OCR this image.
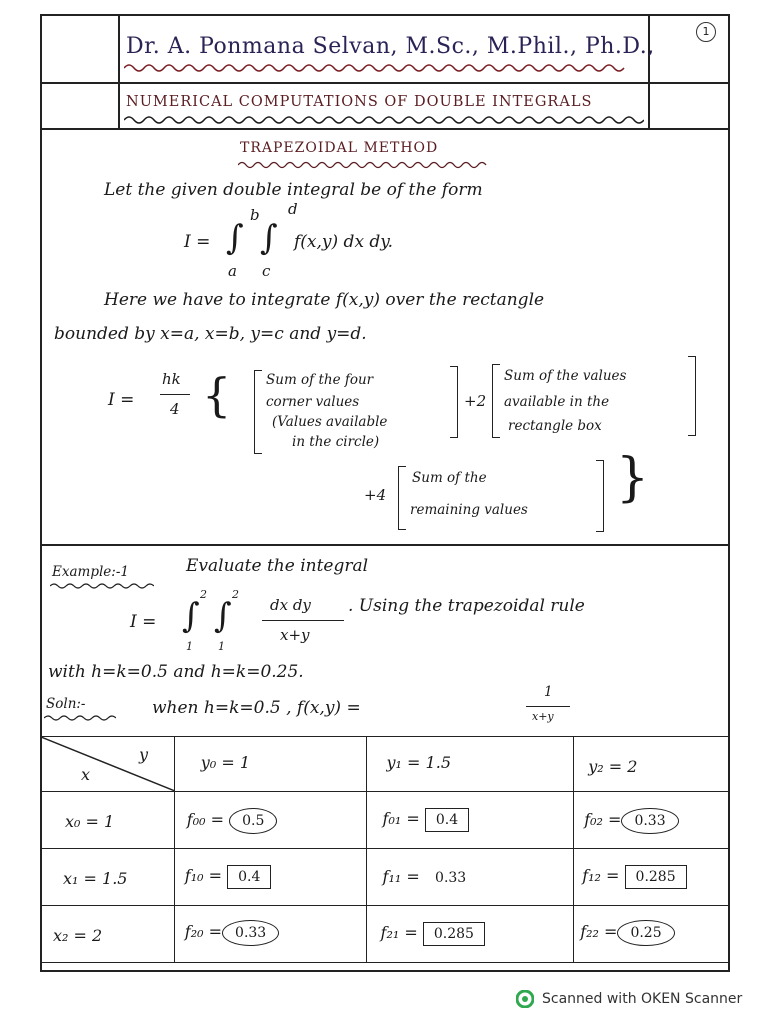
1
Dr. A. Ponmana Selvan, M.Sc., M.Phil., Ph.D.,
NUMERICAL COMPUTATIONS OF DOUBLE INTEGRALS
TRAPEZOIDAL METHOD
Let the given double integral be of the form
I = ∫ ∫
b d
a c
f(x,y) dx dy.
Here we have to integrate f(x,y) over the rectangle
bounded by x=a, x=b, y=c and y=d.
I =
hk
4 {	Sum of the four
corner values
(Values available
in the circle)
+2
Sum of the values
available in the
rectangle box
+4
Sum of the
remaining values
}
Example:-1	Evaluate the integral
I = ∫ ∫
2 2
1 1
dx dy
x+y
. Using the trapezoidal rule
with h=k=0.5 and h=k=0.25.
Soln:-	when h=k=0.5 , f(x,y) =
1
x+y
y
x	y₀ = 1	y₁ = 1.5	y₂ = 2

x₀ = 1	f₀₀ = 0.5	f₀₁ = 0.4	f₀₂ = 0.33

x₁ = 1.5	f₁₀ = 0.4	f₁₁ = 0.33	f₁₂ = 0.285

x₂ = 2	f₂₀ = 0.33	f₂₁ = 0.285	f₂₂ = 0.25
Scanned with OKEN Scanner
